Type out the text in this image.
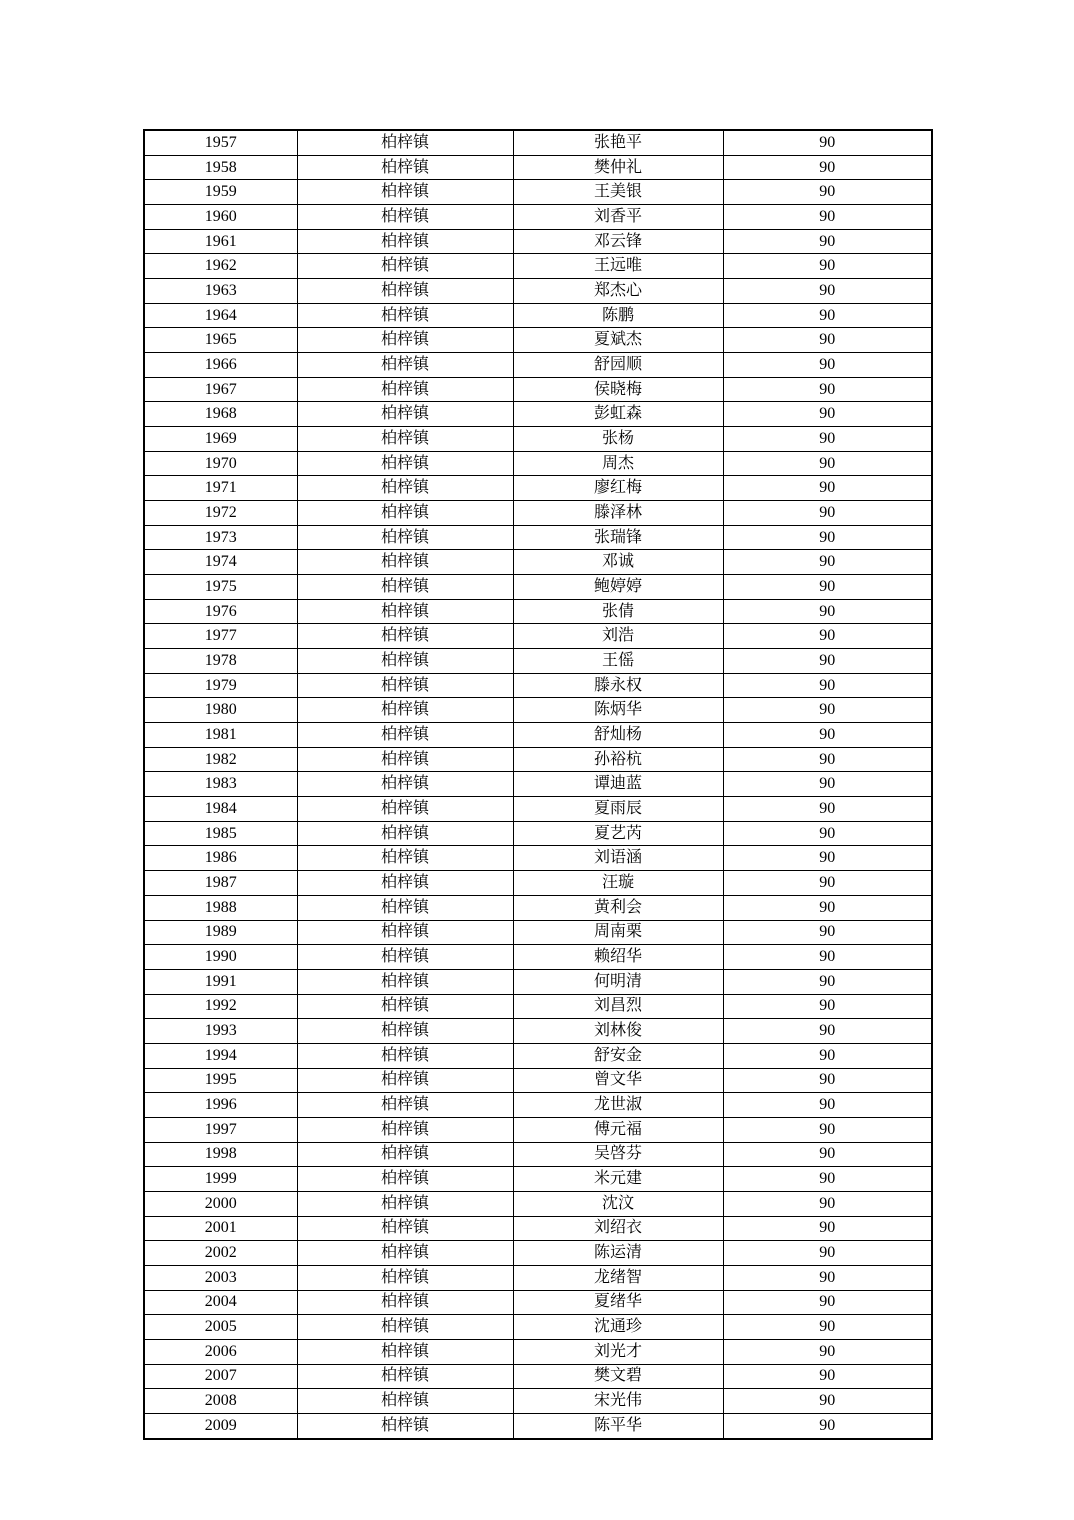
1957	柏梓镇	张艳平	90
1958	柏梓镇	樊仲礼	90
1959	柏梓镇	王美银	90
1960	柏梓镇	刘香平	90
1961	柏梓镇	邓云锋	90
1962	柏梓镇	王远唯	90
1963	柏梓镇	郑杰心	90
1964	柏梓镇	陈鹏	90
1965	柏梓镇	夏斌杰	90
1966	柏梓镇	舒园顺	90
1967	柏梓镇	侯晓梅	90
1968	柏梓镇	彭虹森	90
1969	柏梓镇	张杨	90
1970	柏梓镇	周杰	90
1971	柏梓镇	廖红梅	90
1972	柏梓镇	滕泽林	90
1973	柏梓镇	张瑞锋	90
1974	柏梓镇	邓诚	90
1975	柏梓镇	鲍婷婷	90
1976	柏梓镇	张倩	90
1977	柏梓镇	刘浩	90
1978	柏梓镇	王傜	90
1979	柏梓镇	滕永权	90
1980	柏梓镇	陈炳华	90
1981	柏梓镇	舒灿杨	90
1982	柏梓镇	孙裕杭	90
1983	柏梓镇	谭迪蓝	90
1984	柏梓镇	夏雨辰	90
1985	柏梓镇	夏艺芮	90
1986	柏梓镇	刘语涵	90
1987	柏梓镇	汪璇	90
1988	柏梓镇	黄利会	90
1989	柏梓镇	周南栗	90
1990	柏梓镇	赖绍华	90
1991	柏梓镇	何明清	90
1992	柏梓镇	刘昌烈	90
1993	柏梓镇	刘林俊	90
1994	柏梓镇	舒安金	90
1995	柏梓镇	曾文华	90
1996	柏梓镇	龙世淑	90
1997	柏梓镇	傅元福	90
1998	柏梓镇	吴啓芬	90
1999	柏梓镇	米元建	90
2000	柏梓镇	沈汶	90
2001	柏梓镇	刘绍衣	90
2002	柏梓镇	陈运清	90
2003	柏梓镇	龙绪智	90
2004	柏梓镇	夏绪华	90
2005	柏梓镇	沈通珍	90
2006	柏梓镇	刘光才	90
2007	柏梓镇	樊文碧	90
2008	柏梓镇	宋光伟	90
2009	柏梓镇	陈平华	90
